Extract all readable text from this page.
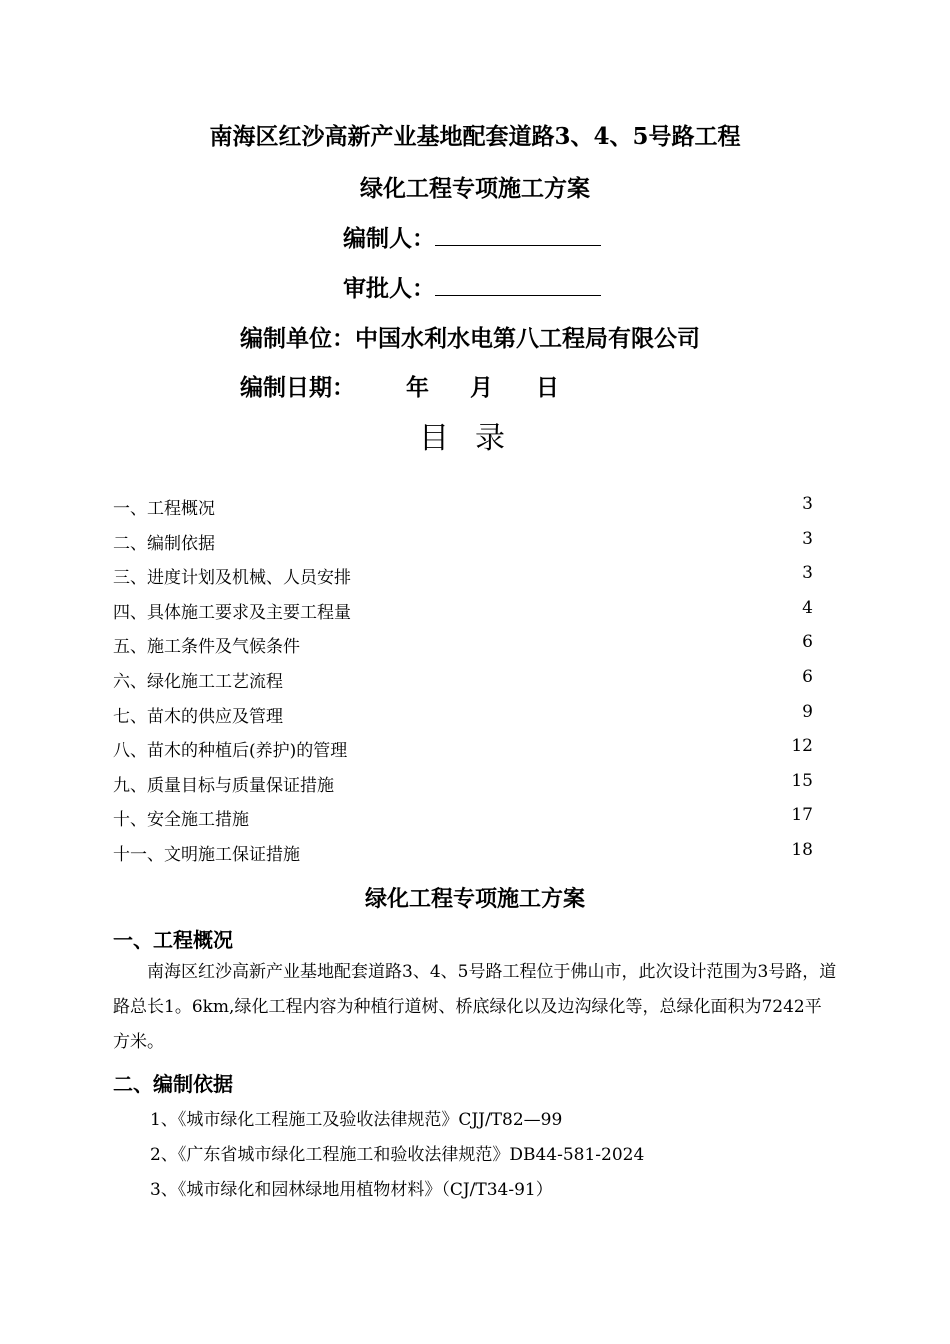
南海区红沙高新产业基地配套道路3、4、5号路工程
绿化工程专项施工方案
编制人：
审批人：
编制单位：中国水利水电第八工程局有限公司
编制日期： 年 月 日
目录
一、工程概况	3
二、编制依据	3
三、进度计划及机械、人员安排	3
四、具体施工要求及主要工程量	4
五、施工条件及气候条件	6
六、绿化施工工艺流程	6
七、苗木的供应及管理	9
八、苗木的种植后(养护)的管理	12
九、质量目标与质量保证措施	15
十、安全施工措施	17
十一、文明施工保证措施	18
绿化工程专项施工方案
一、工程概况
南海区红沙高新产业基地配套道路3、4、5号路工程位于佛山市，此次设计范围为3号路，道路总长1。6km,绿化工程内容为种植行道树、桥底绿化以及边沟绿化等，总绿化面积为7242平方米。
二、编制依据
1、《城市绿化工程施工及验收法律规范》CJJ/T82—99
2、《广东省城市绿化工程施工和验收法律规范》DB44-581-2024
3、《城市绿化和园林绿地用植物材料》（CJ/T34-91）
